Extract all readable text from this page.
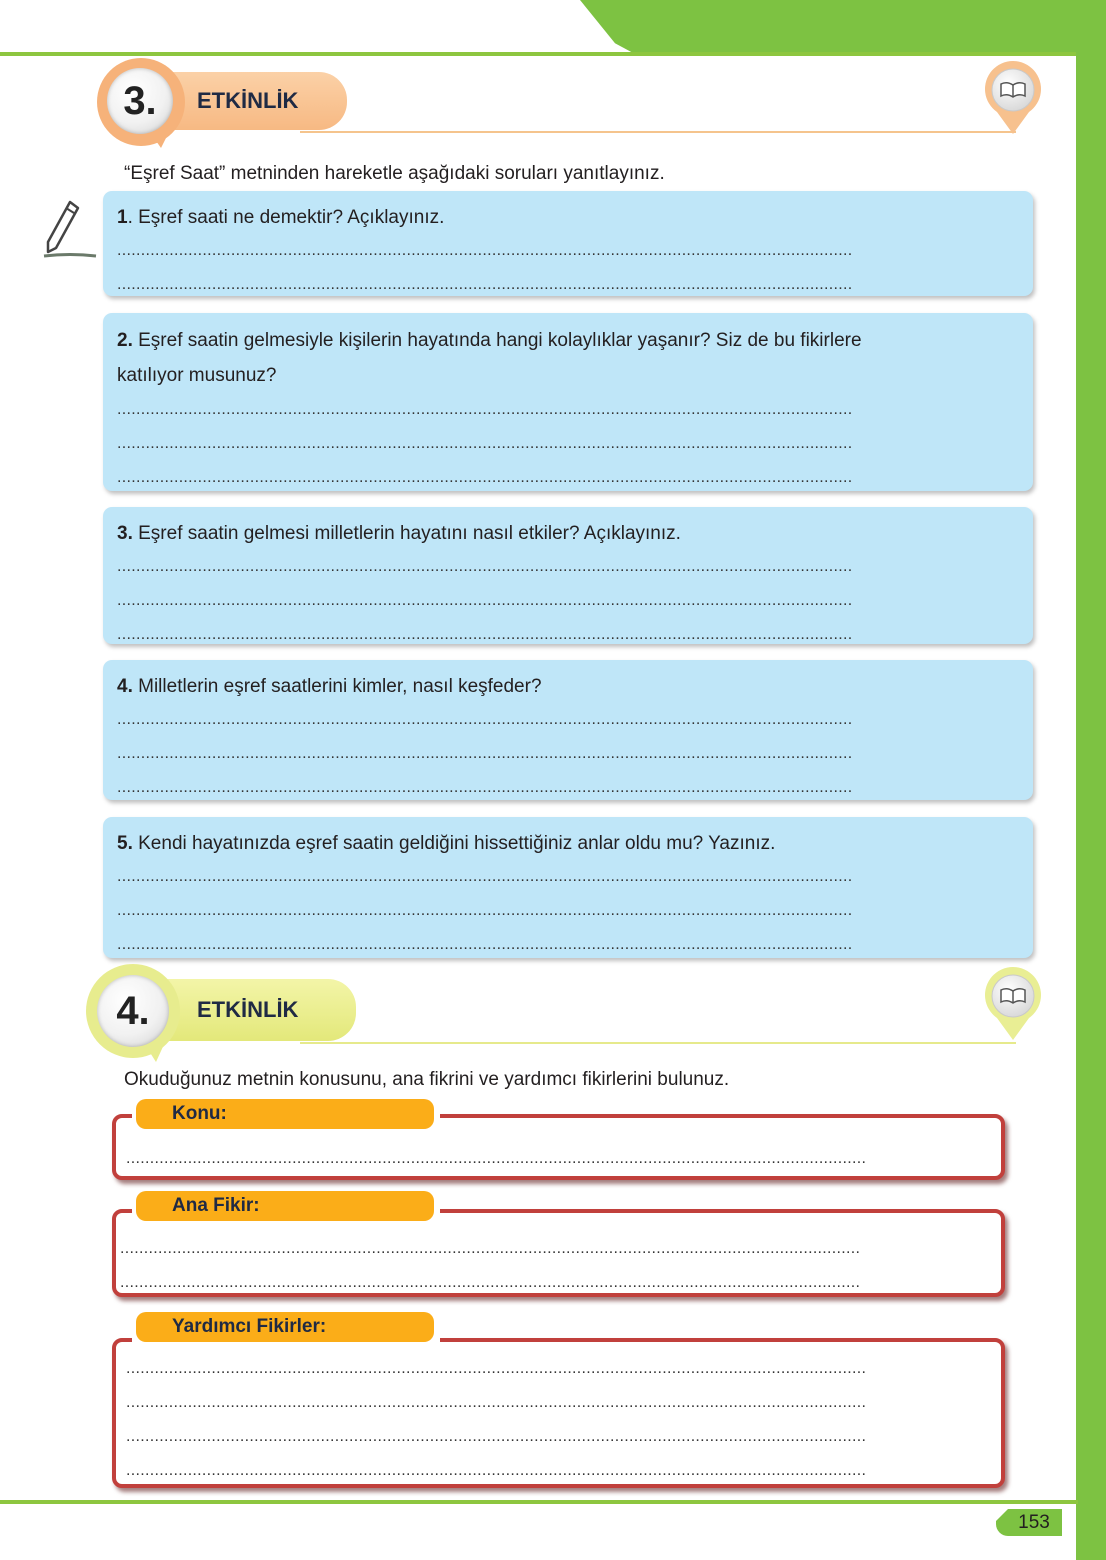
153
ETKİNLİK
3.
“Eşref Saat” metninden hareketle aşağıdaki soruları yanıtlayınız.
1. Eşref saati ne demektir? Açıklayınız.
...........................................................................................................................................................
...........................................................................................................................................................
2. Eşref saatin gelmesiyle kişilerin hayatında hangi kolaylıklar yaşanır? Siz de bu fikirlere
katılıyor musunuz?
...........................................................................................................................................................
...........................................................................................................................................................
...........................................................................................................................................................
3. Eşref saatin gelmesi milletlerin hayatını nasıl etkiler? Açıklayınız.
...........................................................................................................................................................
...........................................................................................................................................................
...........................................................................................................................................................
4. Milletlerin eşref saatlerini kimler, nasıl keşfeder?
...........................................................................................................................................................
...........................................................................................................................................................
...........................................................................................................................................................
5. Kendi hayatınızda eşref saatin geldiğini hissettiğiniz anlar oldu mu? Yazınız.
...........................................................................................................................................................
...........................................................................................................................................................
...........................................................................................................................................................
ETKİNLİK
4.
Okuduğunuz metnin konusunu, ana fikrini ve yardımcı fikirlerini bulunuz.
............................................................................................................................................................
Konu:
............................................................................................................................................................
............................................................................................................................................................
Ana Fikir:
............................................................................................................................................................
............................................................................................................................................................
............................................................................................................................................................
............................................................................................................................................................
Yardımcı Fikirler:
